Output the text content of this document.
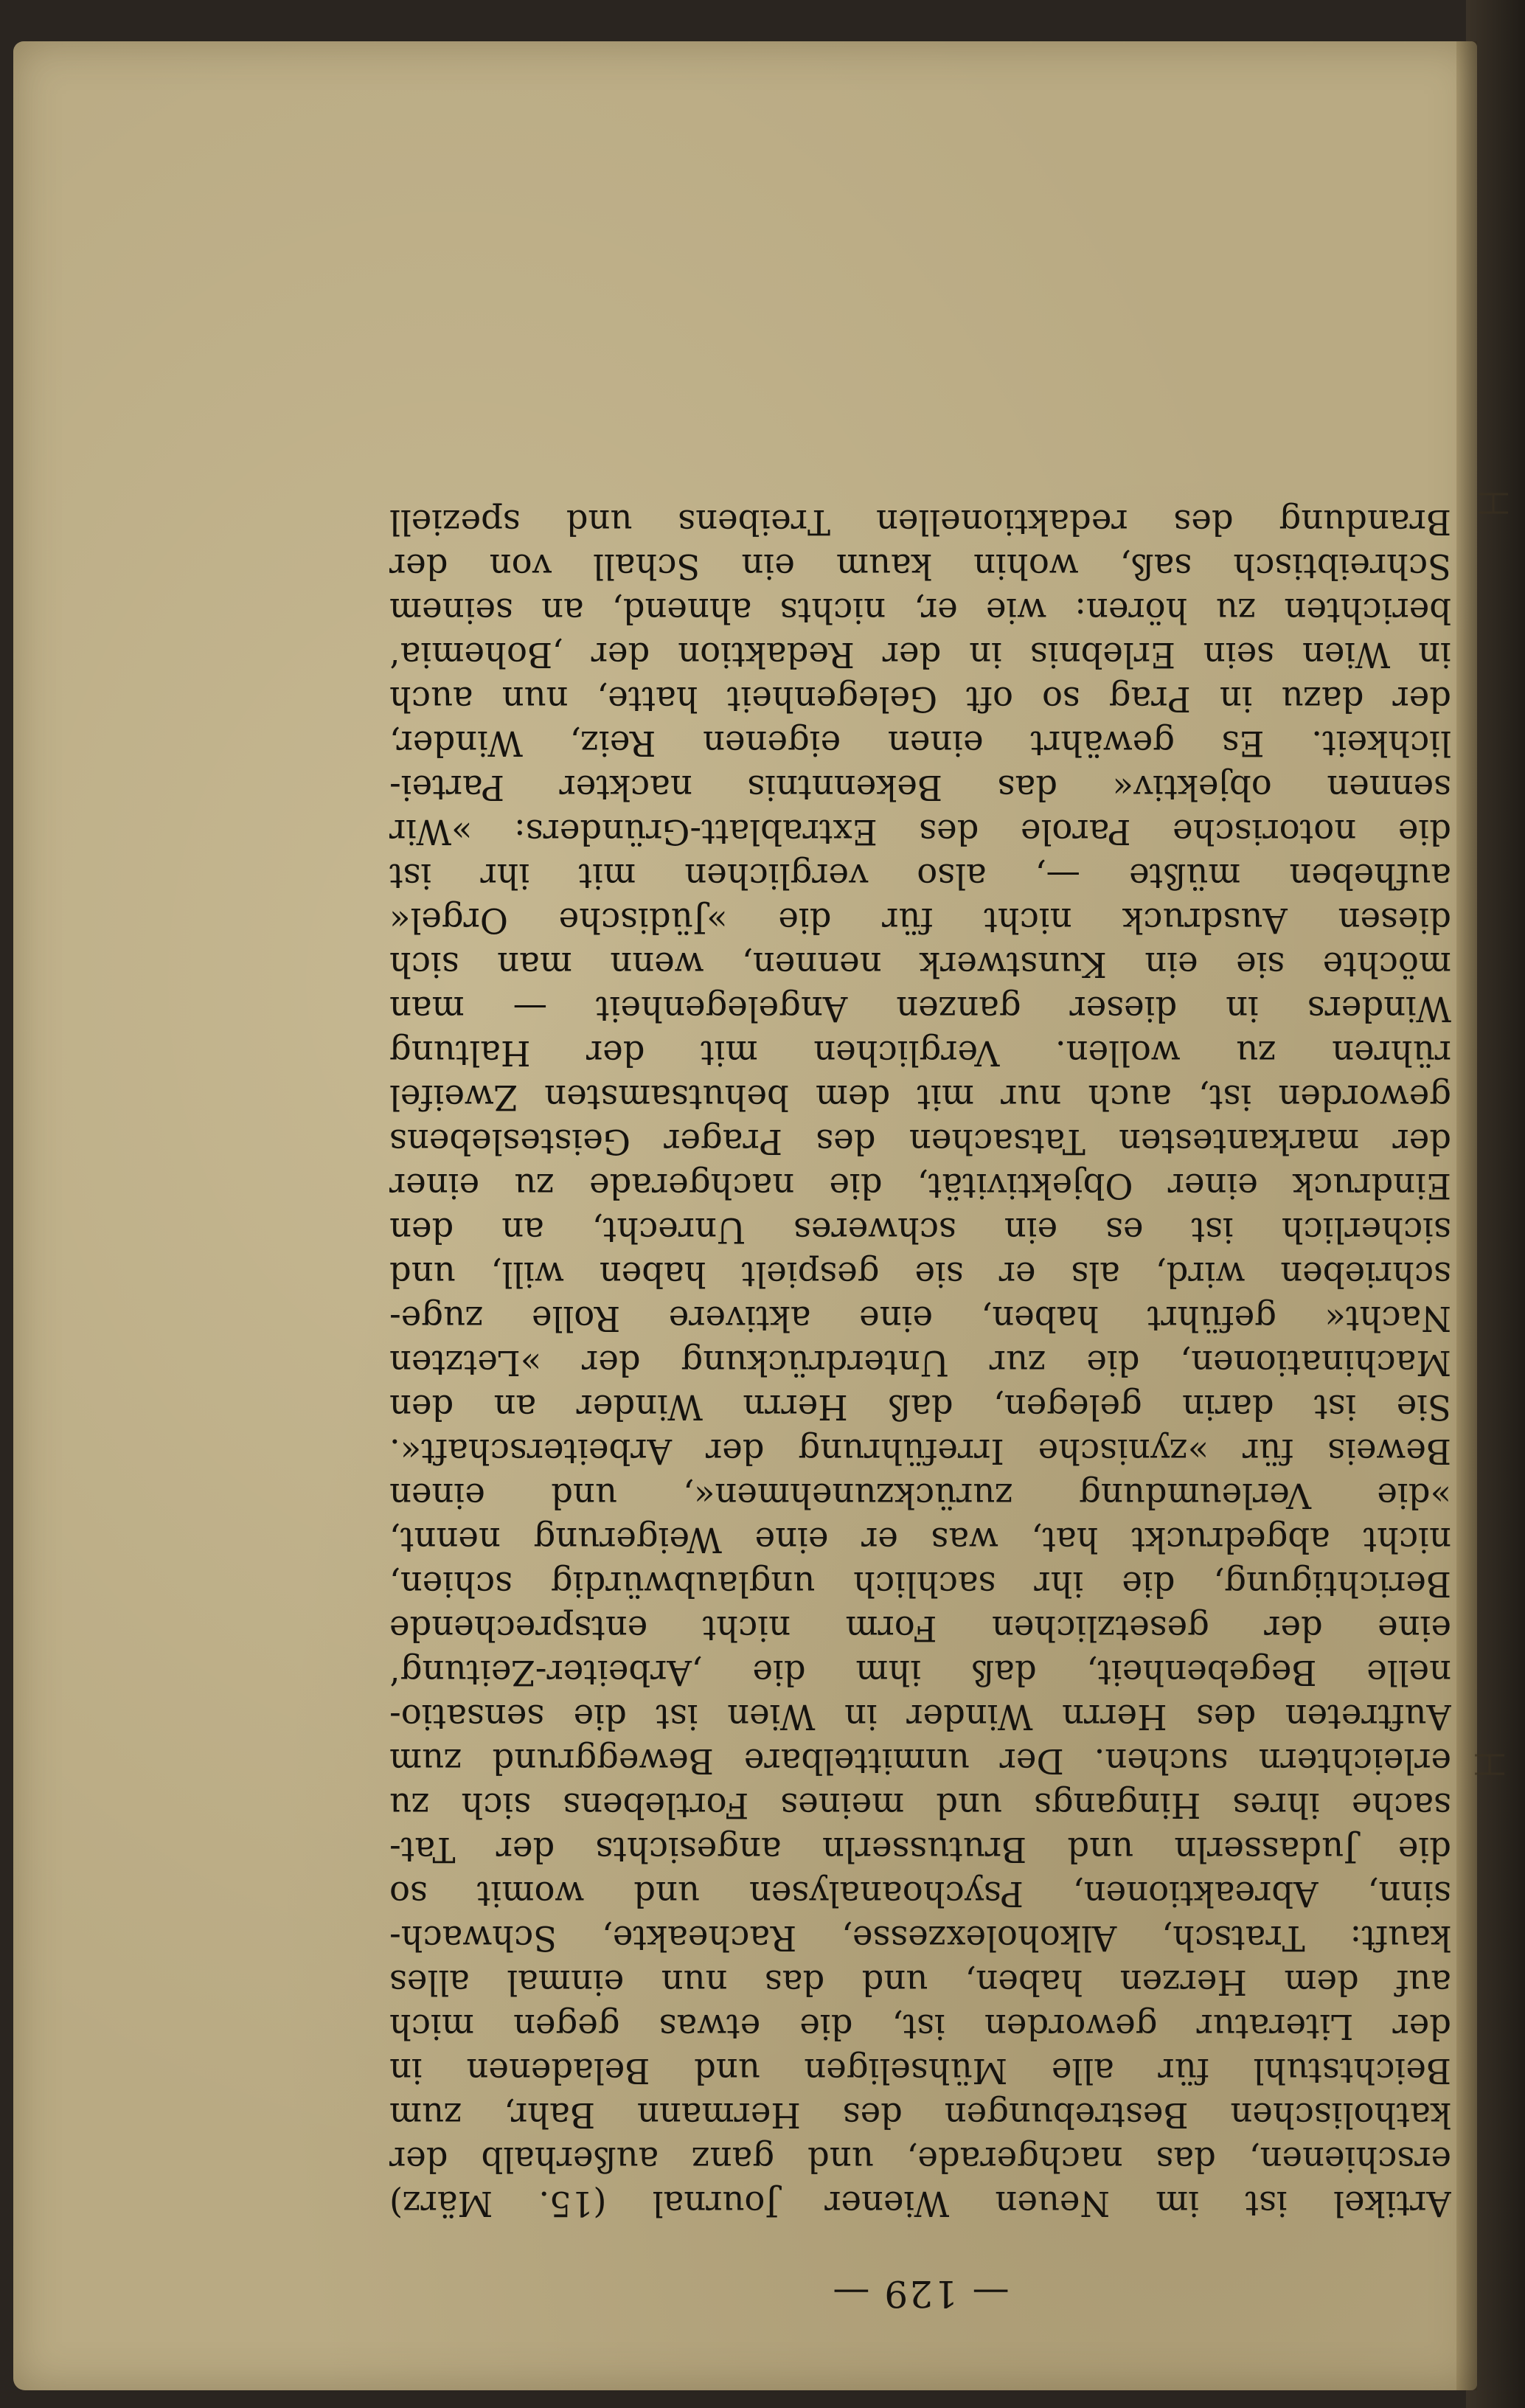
— 129 —
Artikel ist im Neuen Wiener Journal (15. März)
erschienen, das nachgerade, und ganz außerhalb der
katholischen Bestrebungen des Hermann Bahr, zum
Beichtstuhl für alle Mühseligen und Beladenen in
der Literatur geworden ist, die etwas gegen mich
auf dem Herzen haben, und das nun einmal alles
kauft: Tratsch, Alkoholexzesse, Racheakte, Schwach-
sinn, Abreaktionen, Psychoanalysen und womit so
die Judasserln und Brutusserln angesichts der Tat-
sache ihres Hingangs und meines Fortlebens sich zu
erleichtern suchen. Der unmittelbare Beweggrund zum
Auftreten des Herrn Winder in Wien ist die sensatio-
nelle Begebenheit, daß ihm die ‚Arbeiter-Zeitung‘
eine der gesetzlichen Form nicht entsprechende
Berichtigung, die ihr sachlich unglaubwürdig schien,
nicht abgedruckt hat, was er eine Weigerung nennt,
»die Verleumdung zurückzunehmen«, und einen
Beweis für »zynische Irreführung der Arbeiterschaft«.
Sie ist darin gelegen, daß Herrn Winder an den
Machinationen, die zur Unterdrückung der »Letzten
Nacht« geführt haben, eine aktivere Rolle zuge-
schrieben wird, als er sie gespielt haben will, und
sicherlich ist es ein schweres Unrecht, an den
Eindruck einer Objektivität, die nachgerade zu einer
der markantesten Tatsachen des Prager Geisteslebens
geworden ist, auch nur mit dem behutsamsten Zweifel
rühren zu wollen. Verglichen mit der Haltung
Winders in dieser ganzen Angelegenheit — man
möchte sie ein Kunstwerk nennen, wenn man sich
diesen Ausdruck nicht für die »Jüdische Orgel«
aufheben müßte —, also verglichen mit ihr ist
die notorische Parole des Extrablatt-Gründers: »Wir
sennen objektiv« das Bekenntnis nackter Partei-
lichkeit. Es gewährt einen eigenen Reiz, Winder,
der dazu in Prag so oft Gelegenheit hatte, nun auch
in Wien sein Erlebnis in der Redaktion der ‚Bohemia‘
berichten zu hören: wie er, nichts ahnend, an seinem
Schreibtisch saß, wohin kaum ein Schall von der
Brandung des redaktionellen Treibens und speziell
